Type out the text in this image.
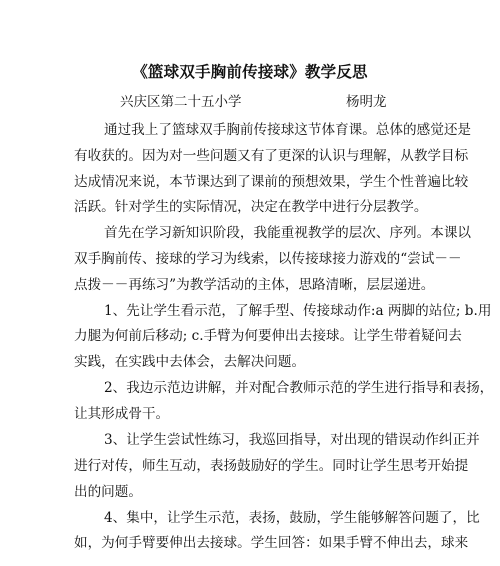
《篮球双手胸前传接球》教学反思
兴庆区第二十五小学	杨明龙
通过我上了篮球双手胸前传接球这节体育课。总体的感觉还是
有收获的。因为对一些问题又有了更深的认识与理解，从教学目标
达成情况来说，本节课达到了课前的预想效果，学生个性普遍比较
活跃。针对学生的实际情况，决定在教学中进行分层教学。
首先在学习新知识阶段，我能重视教学的层次、序列。本课以
双手胸前传、接球的学习为线索，以传接球接力游戏的“尝试－－
点拨－－再练习”为教学活动的主体，思路清晰，层层递进。
1、先让学生看示范，了解手型、传接球动作:a 两脚的站位; b.用
力腿为何前后移动; c.手臂为何要伸出去接球。让学生带着疑问去
实践，在实践中去体会，去解决问题。
2、我边示范边讲解，并对配合教师示范的学生进行指导和表扬，
让其形成骨干。
3、让学生尝试性练习，我巡回指导，对出现的错误动作纠正并
进行对传，师生互动，表扬鼓励好的学生。同时让学生思考开始提
出的问题。
4、集中，让学生示范，表扬，鼓励，学生能够解答问题了，比
如，为何手臂要伸出去接球。学生回答：如果手臂不伸出去，球来
